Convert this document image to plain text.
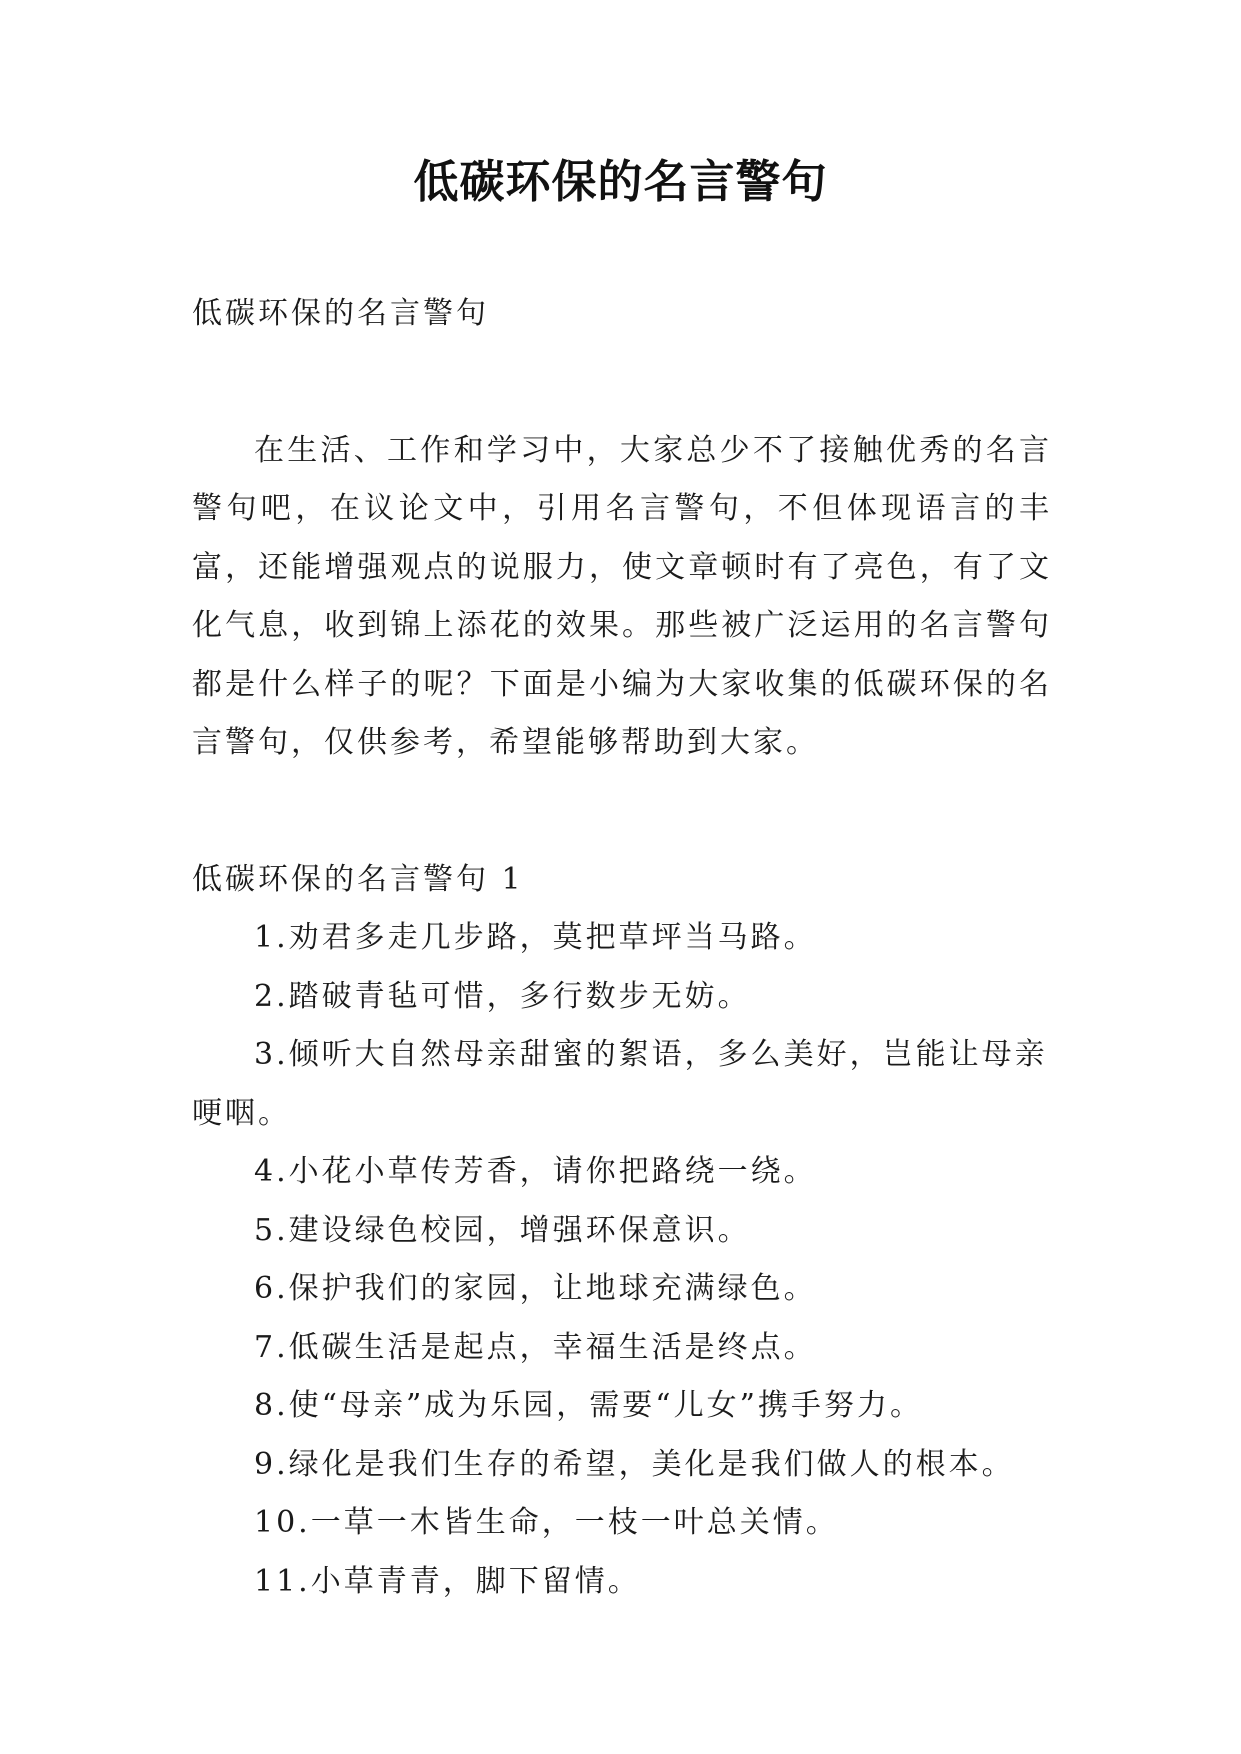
低碳环保的名言警句

低碳环保的名言警句

在生活、工作和学习中，大家总少不了接触优秀的名言警句吧，在议论文中，引用名言警句，不但体现语言的丰富，还能增强观点的说服力，使文章顿时有了亮色，有了文化气息，收到锦上添花的效果。那些被广泛运用的名言警句都是什么样子的呢？下面是小编为大家收集的低碳环保的名言警句，仅供参考，希望能够帮助到大家。

低碳环保的名言警句 1

1.劝君多走几步路，莫把草坪当马路。

2.踏破青毡可惜，多行数步无妨。

3.倾听大自然母亲甜蜜的絮语，多么美好，岂能让母亲哽咽。

4.小花小草传芳香，请你把路绕一绕。

5.建设绿色校园，增强环保意识。

6.保护我们的家园，让地球充满绿色。

7.低碳生活是起点，幸福生活是终点。

8.使“母亲”成为乐园，需要“儿女”携手努力。

9.绿化是我们生存的希望，美化是我们做人的根本。

10.一草一木皆生命，一枝一叶总关情。

11.小草青青，脚下留情。
